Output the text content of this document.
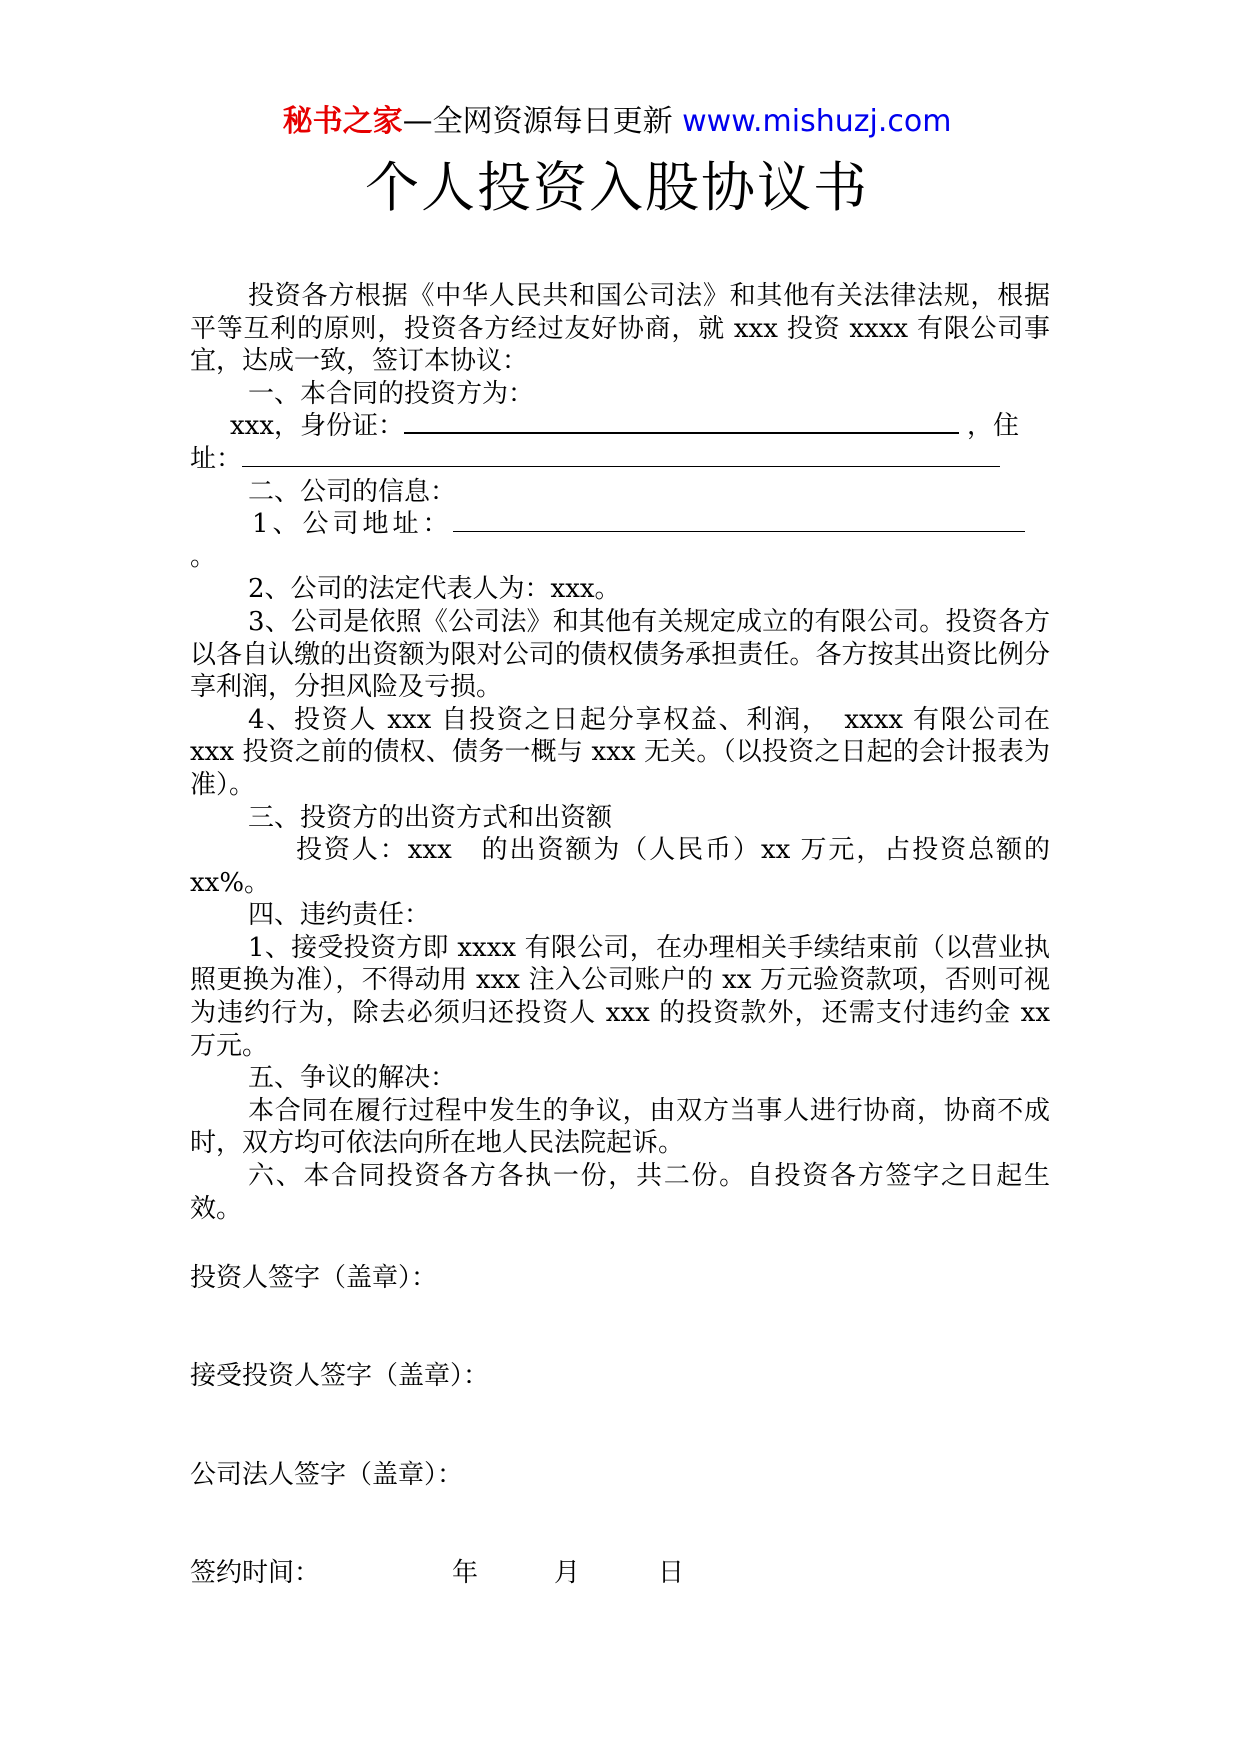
秘书之家—全网资源每日更新 www.mishuzj.com
个人投资入股协议书

投资各方根据《中华人民共和国公司法》和其他有关法律法规，根据平等互利的原则，投资各方经过友好协商，就 xxx 投资 xxxx 有限公司事宜，达成一致，签订本协议：

一、本合同的投资方为：

xxx，身份证：	，住

址：

二、公司的信息：

1、公司地址：

。

2、公司的法定代表人为：xxx。

3、公司是依照《公司法》和其他有关规定成立的有限公司。投资各方以各自认缴的出资额为限对公司的债权债务承担责任。各方按其出资比例分享利润，分担风险及亏损。

4、投资人 xxx 自投资之日起分享权益、利润，　xxxx 有限公司在 xxx 投资之前的债权、债务一概与 xxx 无关。（以投资之日起的会计报表为准）。

三、投资方的出资方式和出资额

投资人：xxx　的出资额为（人民币）xx 万元，占投资总额的　xx%。

四、违约责任：

1、接受投资方即 xxxx 有限公司，在办理相关手续结束前（以营业执照更换为准），不得动用 xxx 注入公司账户的 xx 万元验资款项，否则可视为违约行为，除去必须归还投资人 xxx 的投资款外，还需支付违约金 xx 万元。

五、争议的解决：

本合同在履行过程中发生的争议，由双方当事人进行协商，协商不成时，双方均可依法向所在地人民法院起诉。

六、本合同投资各方各执一份，共二份。自投资各方签字之日起生效。

投资人签字（盖章）：
接受投资人签字（盖章）：
公司法人签字（盖章）：
签约时间：	年	月	日
